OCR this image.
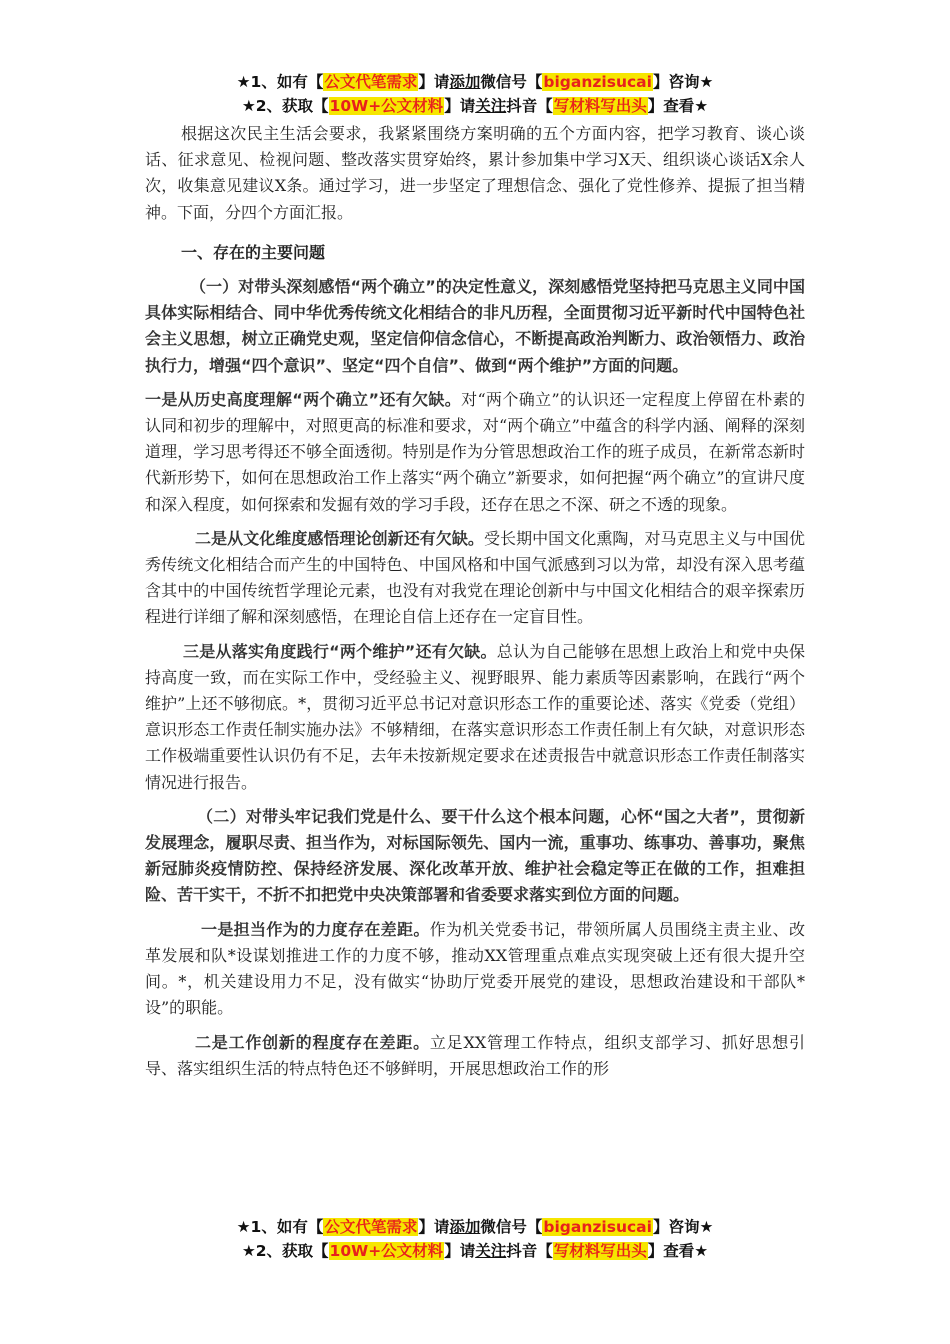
★1、如有【公文代笔需求】请添加微信号【biganzisucai】咨询★
★2、获取【10W+公文材料】请关注抖音【写材料写出头】查看★

根据这次民主生活会要求，我紧紧围绕方案明确的五个方面内容，把学习教育、谈心谈话、征求意见、检视问题、整改落实贯穿始终，累计参加集中学习X天、组织谈心谈话X余人次，收集意见建议X条。通过学习，进一步坚定了理想信念、强化了党性修养、提振了担当精神。下面，分四个方面汇报。

一、存在的主要问题

（一）对带头深刻感悟“两个确立”的决定性意义，深刻感悟党坚持把马克思主义同中国具体实际相结合、同中华优秀传统文化相结合的非凡历程，全面贯彻习近平新时代中国特色社会主义思想，树立正确党史观，坚定信仰信念信心，不断提高政治判断力、政治领悟力、政治执行力，增强“四个意识”、坚定“四个自信”、做到“两个维护”方面的问题。

一是从历史高度理解“两个确立”还有欠缺。对“两个确立”的认识还一定程度上停留在朴素的认同和初步的理解中，对照更高的标准和要求，对“两个确立”中蕴含的科学内涵、阐释的深刻道理，学习思考得还不够全面透彻。特别是作为分管思想政治工作的班子成员，在新常态新时代新形势下，如何在思想政治工作上落实“两个确立”新要求，如何把握“两个确立”的宣讲尺度和深入程度，如何探索和发掘有效的学习手段，还存在思之不深、研之不透的现象。

二是从文化维度感悟理论创新还有欠缺。受长期中国文化熏陶，对马克思主义与中国优秀传统文化相结合而产生的中国特色、中国风格和中国气派感到习以为常，却没有深入思考蕴含其中的中国传统哲学理论元素，也没有对我党在理论创新中与中国文化相结合的艰辛探索历程进行详细了解和深刻感悟，在理论自信上还存在一定盲目性。

三是从落实角度践行“两个维护”还有欠缺。总认为自己能够在思想上政治上和党中央保持高度一致，而在实际工作中，受经验主义、视野眼界、能力素质等因素影响，在践行“两个维护”上还不够彻底。*，贯彻习近平总书记对意识形态工作的重要论述、落实《党委（党组）意识形态工作责任制实施办法》不够精细，在落实意识形态工作责任制上有欠缺，对意识形态工作极端重要性认识仍有不足，去年未按新规定要求在述责报告中就意识形态工作责任制落实情况进行报告。

（二）对带头牢记我们党是什么、要干什么这个根本问题，心怀“国之大者”，贯彻新发展理念，履职尽责、担当作为，对标国际领先、国内一流，重事功、练事功、善事功，聚焦新冠肺炎疫情防控、保持经济发展、深化改革开放、维护社会稳定等正在做的工作，担难担险、苦干实干，不折不扣把党中央决策部署和省委要求落实到位方面的问题。

一是担当作为的力度存在差距。作为机关党委书记，带领所属人员围绕主责主业、改革发展和队*设谋划推进工作的力度不够，推动XX管理重点难点实现突破上还有很大提升空间。*，机关建设用力不足，没有做实“协助厅党委开展党的建设，思想政治建设和干部队*设”的职能。

二是工作创新的程度存在差距。立足XX管理工作特点，组织支部学习、抓好思想引导、落实组织生活的特点特色还不够鲜明，开展思想政治工作的形

★1、如有【公文代笔需求】请添加微信号【biganzisucai】咨询★
★2、获取【10W+公文材料】请关注抖音【写材料写出头】查看★
